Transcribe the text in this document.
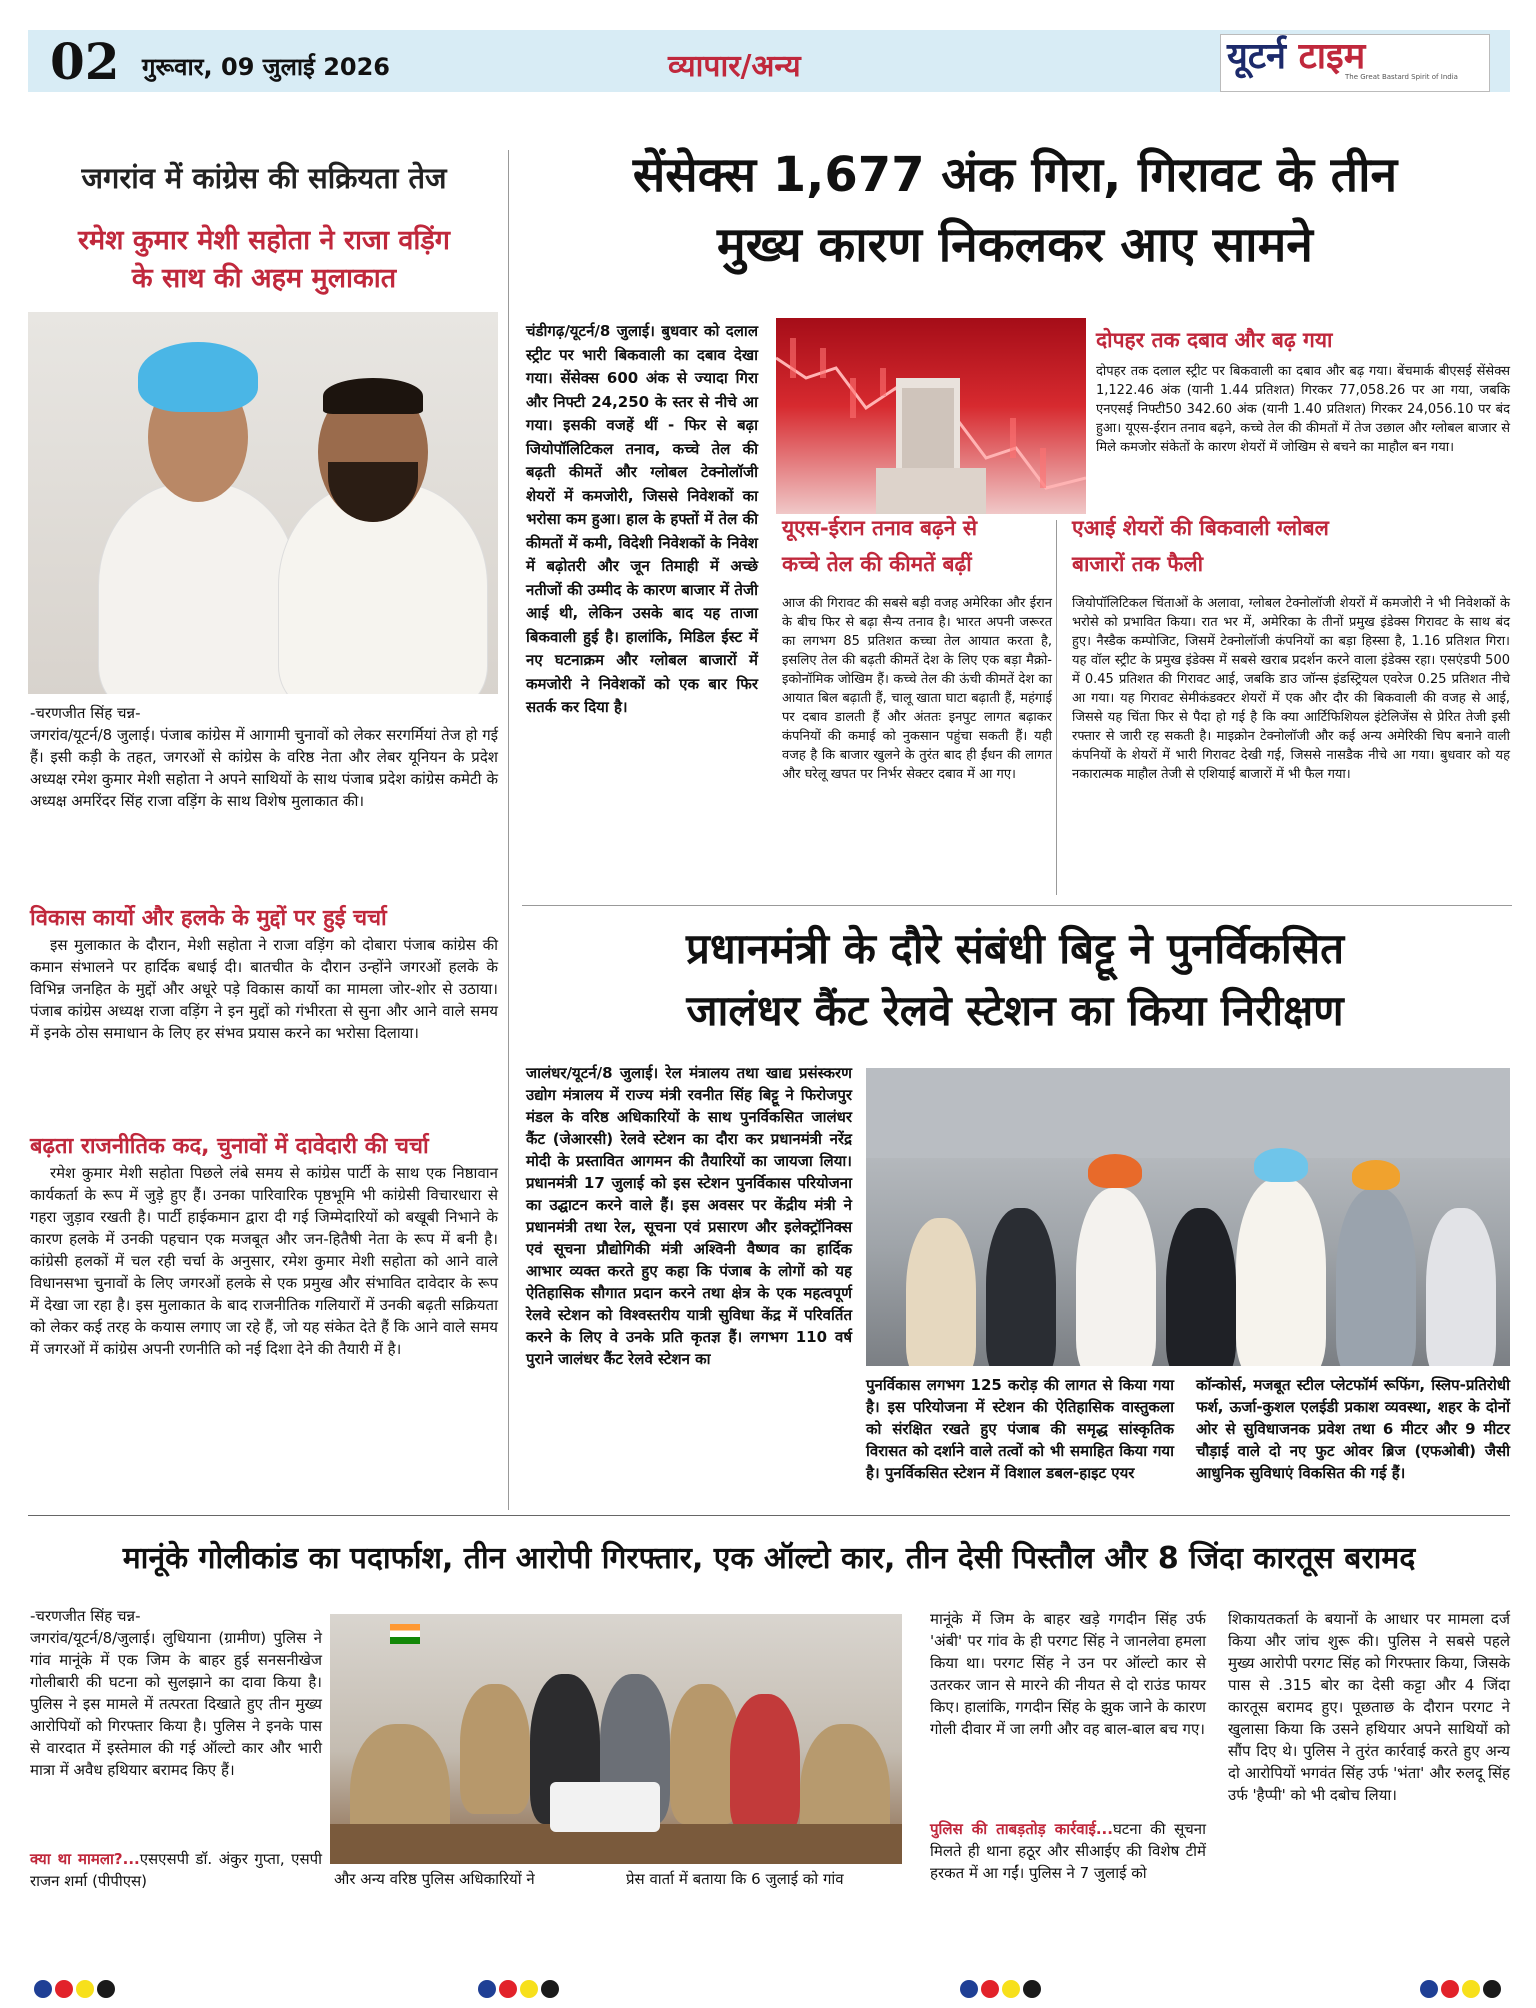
02 गुरूवार, 09 जुलाई 2026	व्यापार/अन्य	यूटर्न टाइम
The Great Bastard Spirit of India
जगरांव में कांग्रेस की सक्रियता तेज
रमेश कुमार मेशी सहोता ने राजा वड़िंग
के साथ की अहम मुलाकात
-चरणजीत सिंह चन्न-
जगरांव/यूटर्न/8 जुलाई। पंजाब कांग्रेस में आगामी चुनावों को लेकर सरगर्मियां तेज हो गई हैं। इसी कड़ी के तहत, जगरओं से कांग्रेस के वरिष्ठ नेता और लेबर यूनियन के प्रदेश अध्यक्ष रमेश कुमार मेशी सहोता ने अपने साथियों के साथ पंजाब प्रदेश कांग्रेस कमेटी के अध्यक्ष अमरिंदर सिंह राजा वड़िंग के साथ विशेष मुलाकात की।
विकास कार्यो और हलके के मुद्दों पर हुई चर्चा
इस मुलाकात के दौरान, मेशी सहोता ने राजा वड़िंग को दोबारा पंजाब कांग्रेस की कमान संभालने पर हार्दिक बधाई दी। बातचीत के दौरान उन्होंने जगरओं हलके के विभिन्न जनहित के मुद्दों और अधूरे पड़े विकास कार्यो का मामला जोर-शोर से उठाया। पंजाब कांग्रेस अध्यक्ष राजा वड़िंग ने इन मुद्दों को गंभीरता से सुना और आने वाले समय में इनके ठोस समाधान के लिए हर संभव प्रयास करने का भरोसा दिलाया।
बढ़ता राजनीतिक कद, चुनावों में दावेदारी की चर्चा
रमेश कुमार मेशी सहोता पिछले लंबे समय से कांग्रेस पार्टी के साथ एक निष्ठावान कार्यकर्ता के रूप में जुड़े हुए हैं। उनका पारिवारिक पृष्ठभूमि भी कांग्रेसी विचारधारा से गहरा जुड़ाव रखती है। पार्टी हाईकमान द्वारा दी गई जिम्मेदारियों को बखूबी निभाने के कारण हलके में उनकी पहचान एक मजबूत और जन-हितैषी नेता के रूप में बनी है। कांग्रेसी हलकों में चल रही चर्चा के अनुसार, रमेश कुमार मेशी सहोता को आने वाले विधानसभा चुनावों के लिए जगरओं हलके से एक प्रमुख और संभावित दावेदार के रूप में देखा जा रहा है। इस मुलाकात के बाद राजनीतिक गलियारों में उनकी बढ़ती सक्रियता को लेकर कई तरह के कयास लगाए जा रहे हैं, जो यह संकेत देते हैं कि आने वाले समय में जगरओं में कांग्रेस अपनी रणनीति को नई दिशा देने की तैयारी में है।
सेंसेक्स 1,677 अंक गिरा, गिरावट के तीन
मुख्य कारण निकलकर आए सामने
चंडीगढ़/यूटर्न/8 जुलाई। बुधवार को दलाल स्ट्रीट पर भारी बिकवाली का दबाव देखा गया। सेंसेक्स 600 अंक से ज्यादा गिरा और निफ्टी 24,250 के स्तर से नीचे आ गया। इसकी वजहें थीं - फिर से बढ़ा जियोपॉलिटिकल तनाव, कच्चे तेल की बढ़ती कीमतें और ग्लोबल टेक्नोलॉजी शेयरों में कमजोरी, जिससे निवेशकों का भरोसा कम हुआ। हाल के हफ्तों में तेल की कीमतों में कमी, विदेशी निवेशकों के निवेश में बढ़ोतरी और जून तिमाही में अच्छे नतीजों की उम्मीद के कारण बाजार में तेजी आई थी, लेकिन उसके बाद यह ताजा बिकवाली हुई है। हालांकि, मिडिल ईस्ट में नए घटनाक्रम और ग्लोबल बाजारों में कमजोरी ने निवेशकों को एक बार फिर सतर्क कर दिया है।
दोपहर तक दबाव और बढ़ गया
दोपहर तक दलाल स्ट्रीट पर बिकवाली का दबाव और बढ़ गया। बेंचमार्क बीएसई सेंसेक्स 1,122.46 अंक (यानी 1.44 प्रतिशत) गिरकर 77,058.26 पर आ गया, जबकि एनएसई निफ्टी50 342.60 अंक (यानी 1.40 प्रतिशत) गिरकर 24,056.10 पर बंद हुआ। यूएस-ईरान तनाव बढ़ने, कच्चे तेल की कीमतों में तेज उछाल और ग्लोबल बाजार से मिले कमजोर संकेतों के कारण शेयरों में जोखिम से बचने का माहौल बन गया।
यूएस-ईरान तनाव बढ़ने से
कच्चे तेल की कीमतें बढ़ीं
आज की गिरावट की सबसे बड़ी वजह अमेरिका और ईरान के बीच फिर से बढ़ा सैन्य तनाव है। भारत अपनी जरूरत का लगभग 85 प्रतिशत कच्चा तेल आयात करता है, इसलिए तेल की बढ़ती कीमतें देश के लिए एक बड़ा मैक्रो-इकोनॉमिक जोखिम हैं। कच्चे तेल की ऊंची कीमतें देश का आयात बिल बढ़ाती हैं, चालू खाता घाटा बढ़ाती हैं, महंगाई पर दबाव डालती हैं और अंततः इनपुट लागत बढ़ाकर कंपनियों की कमाई को नुकसान पहुंचा सकती हैं। यही वजह है कि बाजार खुलने के तुरंत बाद ही ईंधन की लागत और घरेलू खपत पर निर्भर सेक्टर दबाव में आ गए।
एआई शेयरों की बिकवाली ग्लोबल
बाजारों तक फैली
जियोपॉलिटिकल चिंताओं के अलावा, ग्लोबल टेक्नोलॉजी शेयरों में कमजोरी ने भी निवेशकों के भरोसे को प्रभावित किया। रात भर में, अमेरिका के तीनों प्रमुख इंडेक्स गिरावट के साथ बंद हुए। नैस्डैक कम्पोजिट, जिसमें टेक्नोलॉजी कंपनियों का बड़ा हिस्सा है, 1.16 प्रतिशत गिरा। यह वॉल स्ट्रीट के प्रमुख इंडेक्स में सबसे खराब प्रदर्शन करने वाला इंडेक्स रहा। एसएंडपी 500 में 0.45 प्रतिशत की गिरावट आई, जबकि डाउ जॉन्स इंडस्ट्रियल एवरेज 0.25 प्रतिशत नीचे आ गया। यह गिरावट सेमीकंडक्टर शेयरों में एक और दौर की बिकवाली की वजह से आई, जिससे यह चिंता फिर से पैदा हो गई है कि क्या आर्टिफिशियल इंटेलिजेंस से प्रेरित तेजी इसी रफ्तार से जारी रह सकती है। माइक्रोन टेक्नोलॉजी और कई अन्य अमेरिकी चिप बनाने वाली कंपनियों के शेयरों में भारी गिरावट देखी गई, जिससे नासडैक नीचे आ गया। बुधवार को यह नकारात्मक माहौल तेजी से एशियाई बाजारों में भी फैल गया।
प्रधानमंत्री के दौरे संबंधी बिट्टू ने पुनर्विकसित
जालंधर कैंट रेलवे स्टेशन का किया निरीक्षण
जालंधर/यूटर्न/8 जुलाई। रेल मंत्रालय तथा खाद्य प्रसंस्करण उद्योग मंत्रालय में राज्य मंत्री रवनीत सिंह बिट्टू ने फिरोजपुर मंडल के वरिष्ठ अधिकारियों के साथ पुनर्विकसित जालंधर कैंट (जेआरसी) रेलवे स्टेशन का दौरा कर प्रधानमंत्री नरेंद्र मोदी के प्रस्तावित आगमन की तैयारियों का जायजा लिया। प्रधानमंत्री 17 जुलाई को इस स्टेशन पुनर्विकास परियोजना का उद्घाटन करने वाले हैं। इस अवसर पर केंद्रीय मंत्री ने प्रधानमंत्री तथा रेल, सूचना एवं प्रसारण और इलेक्ट्रॉनिक्स एवं सूचना प्रौद्योगिकी मंत्री अश्विनी वैष्णव का हार्दिक आभार व्यक्त करते हुए कहा कि पंजाब के लोगों को यह ऐतिहासिक सौगात प्रदान करने तथा क्षेत्र के एक महत्वपूर्ण रेलवे स्टेशन को विश्वस्तरीय यात्री सुविधा केंद्र में परिवर्तित करने के लिए वे उनके प्रति कृतज्ञ हैं। लगभग 110 वर्ष पुराने जालंधर कैंट रेलवे स्टेशन का
पुनर्विकास लगभग 125 करोड़ की लागत से किया गया है। इस परियोजना में स्टेशन की ऐतिहासिक वास्तुकला को संरक्षित रखते हुए पंजाब की समृद्ध सांस्कृतिक विरासत को दर्शाने वाले तत्वों को भी समाहित किया गया है। पुनर्विकसित स्टेशन में विशाल डबल-हाइट एयर
कॉन्कोर्स, मजबूत स्टील प्लेटफॉर्म रूफिंग, स्लिप-प्रतिरोधी फर्श, ऊर्जा-कुशल एलईडी प्रकाश व्यवस्था, शहर के दोनों ओर से सुविधाजनक प्रवेश तथा 6 मीटर और 9 मीटर चौड़ाई वाले दो नए फुट ओवर ब्रिज (एफओबी) जैसी आधुनिक सुविधाएं विकसित की गई हैं।
मानूंके गोलीकांड का पदार्फाश, तीन आरोपी गिरफ्तार, एक ऑल्टो कार, तीन देसी पिस्तौल और 8 जिंदा कारतूस बरामद
-चरणजीत सिंह चन्न-
जगरांव/यूटर्न/8/जुलाई। लुधियाना (ग्रामीण) पुलिस ने गांव मानूंके में एक जिम के बाहर हुई सनसनीखेज गोलीबारी की घटना को सुलझाने का दावा किया है। पुलिस ने इस मामले में तत्परता दिखाते हुए तीन मुख्य आरोपियों को गिरफ्तार किया है। पुलिस ने इनके पास से वारदात में इस्तेमाल की गई ऑल्टो कार और भारी मात्रा में अवैध हथियार बरामद किए हैं।
क्या था मामला?...एसएसपी डॉ. अंकुर गुप्ता, एसपी राजन शर्मा (पीपीएस)	और अन्य वरिष्ठ पुलिस अधिकारियों ने	प्रेस वार्ता में बताया कि 6 जुलाई को गांव
मानूंके में जिम के बाहर खड़े गगदीन सिंह उर्फ 'अंबी' पर गांव के ही परगट सिंह ने जानलेवा हमला किया था। परगट सिंह ने उन पर ऑल्टो कार से उतरकर जान से मारने की नीयत से दो राउंड फायर किए। हालांकि, गगदीन सिंह के झुक जाने के कारण गोली दीवार में जा लगी और वह बाल-बाल बच गए।
पुलिस की ताबड़तोड़ कार्रवाई...घटना की सूचना मिलते ही थाना हठूर और सीआईए की विशेष टीमें हरकत में आ गईं। पुलिस ने 7 जुलाई को
शिकायतकर्ता के बयानों के आधार पर मामला दर्ज किया और जांच शुरू की। पुलिस ने सबसे पहले मुख्य आरोपी परगट सिंह को गिरफ्तार किया, जिसके पास से .315 बोर का देसी कट्टा और 4 जिंदा कारतूस बरामद हुए। पूछताछ के दौरान परगट ने खुलासा किया कि उसने हथियार अपने साथियों को सौंप दिए थे। पुलिस ने तुरंत कार्रवाई करते हुए अन्य दो आरोपियों भगवंत सिंह उर्फ 'भंता' और रुलदू सिंह उर्फ 'हैप्पी' को भी दबोच लिया।
